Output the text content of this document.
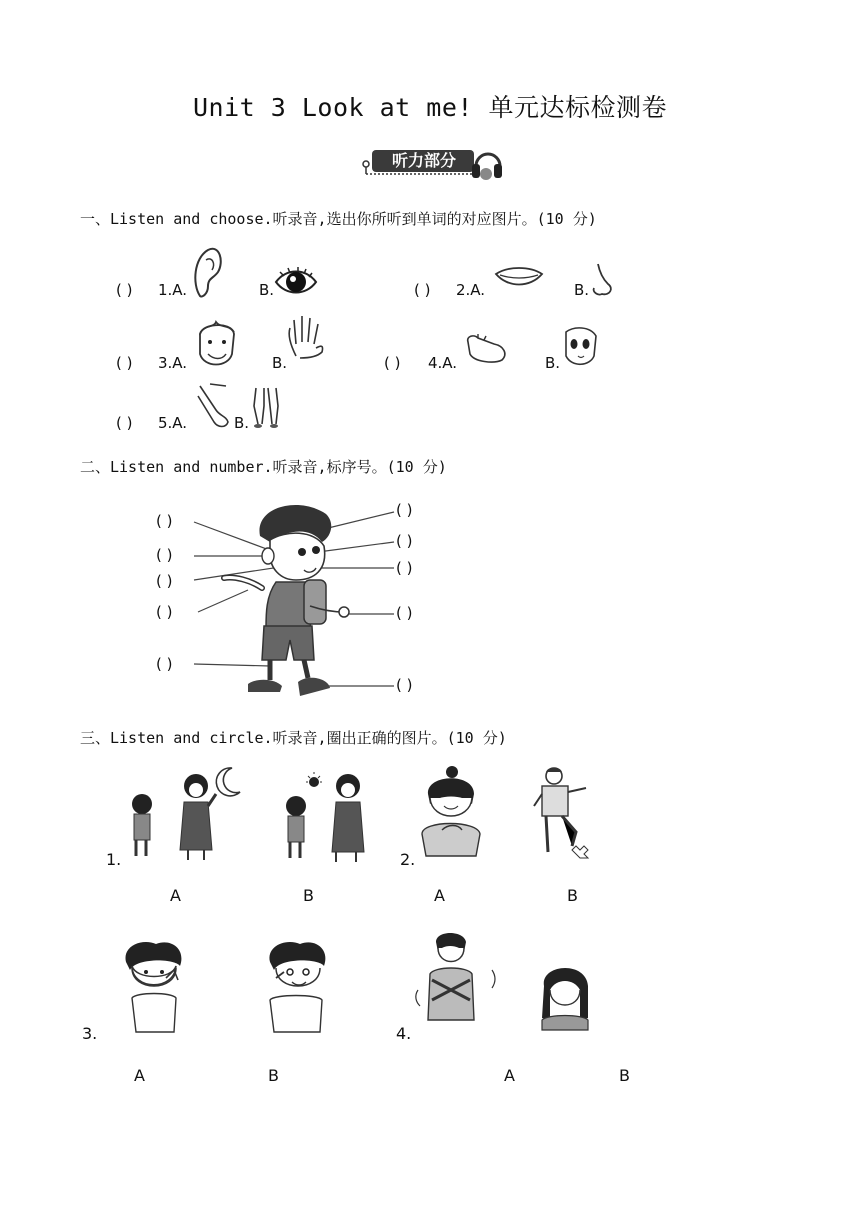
Unit 3 Look at me! 单元达标检测卷
听力部分
一、Listen and choose.听录音,选出你所听到单词的对应图片。(10 分)
( ) 1.A.	B.	( ) 2.A.	B.
( ) 3.A.	B.	( ) 4.A.	B.
( ) 5.A.	B.
二、Listen and number.听录音,标序号。(10 分)
( )
( )
( )
( )
( )
( )
( )
( )
( )
( )
三、Listen and circle.听录音,圈出正确的图片。(10 分)
1.	2.
3.	4.
A	B	A	B
A	B	A	B
